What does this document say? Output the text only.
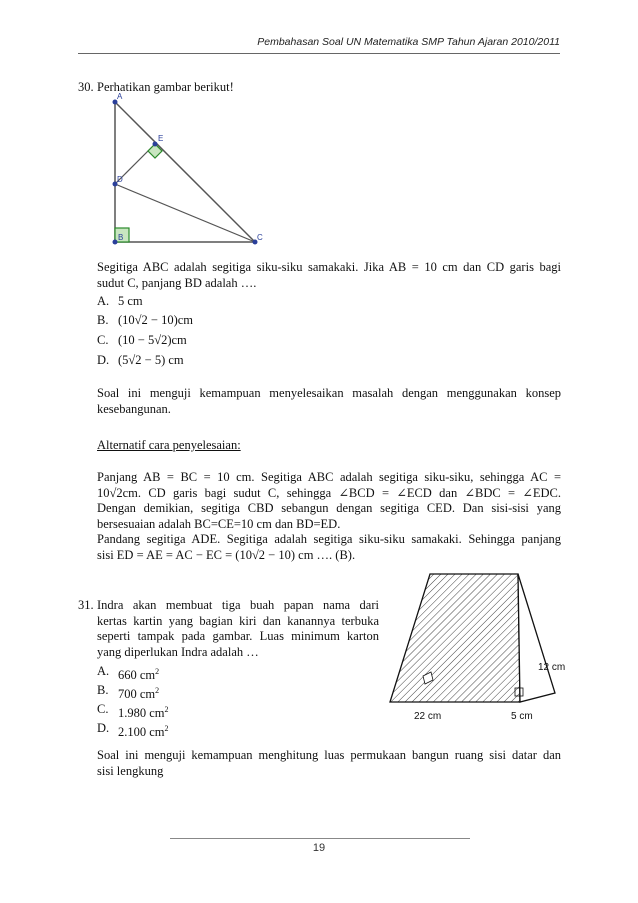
Pembahasan Soal UN Matematika SMP Tahun Ajaran 2010/2011
30. Perhatikan gambar berikut!
A
B	C
D
E
Segitiga ABC adalah segitiga siku-siku samakaki. Jika AB = 10 cm dan CD garis bagi
sudut C, panjang BD adalah ….
A. 5 cm
B. (10√2 − 10)cm
C. (10 − 5√2)cm
D. (5√2 − 5) cm
Soal ini menguji kemampuan menyelesaikan masalah dengan menggunakan konsep
kesebangunan.
Alternatif cara penyelesaian:
Panjang AB = BC = 10 cm. Segitiga ABC adalah segitiga siku-siku, sehingga AC =
10√2cm. CD garis bagi sudut C, sehingga ∠BCD = ∠ECD dan ∠BDC = ∠EDC.
Dengan demikian, segitiga CBD sebangun dengan segitiga CED. Dan sisi-sisi yang
bersesuaian adalah BC=CE=10 cm dan BD=ED.
Pandang segitiga ADE. Segitiga adalah segitiga siku-siku samakaki. Sehingga panjang
sisi ED = AE = AC − EC = (10√2 − 10) cm …. (B).
31. Indra akan membuat tiga buah papan nama dari
kertas kartin yang bagian kiri dan kanannya terbuka
seperti tampak pada gambar. Luas minimum karton
yang diperlukan Indra adalah …
A. 660 $cm^2$
B. 700 $cm^2$
C. 1.980 $cm^2$
D. 2.100 $cm^2$
12 cm
22 cm	5 cm
Soal ini menguji kemampuan menghitung luas permukaan bangun ruang sisi datar dan
sisi lengkung
19
